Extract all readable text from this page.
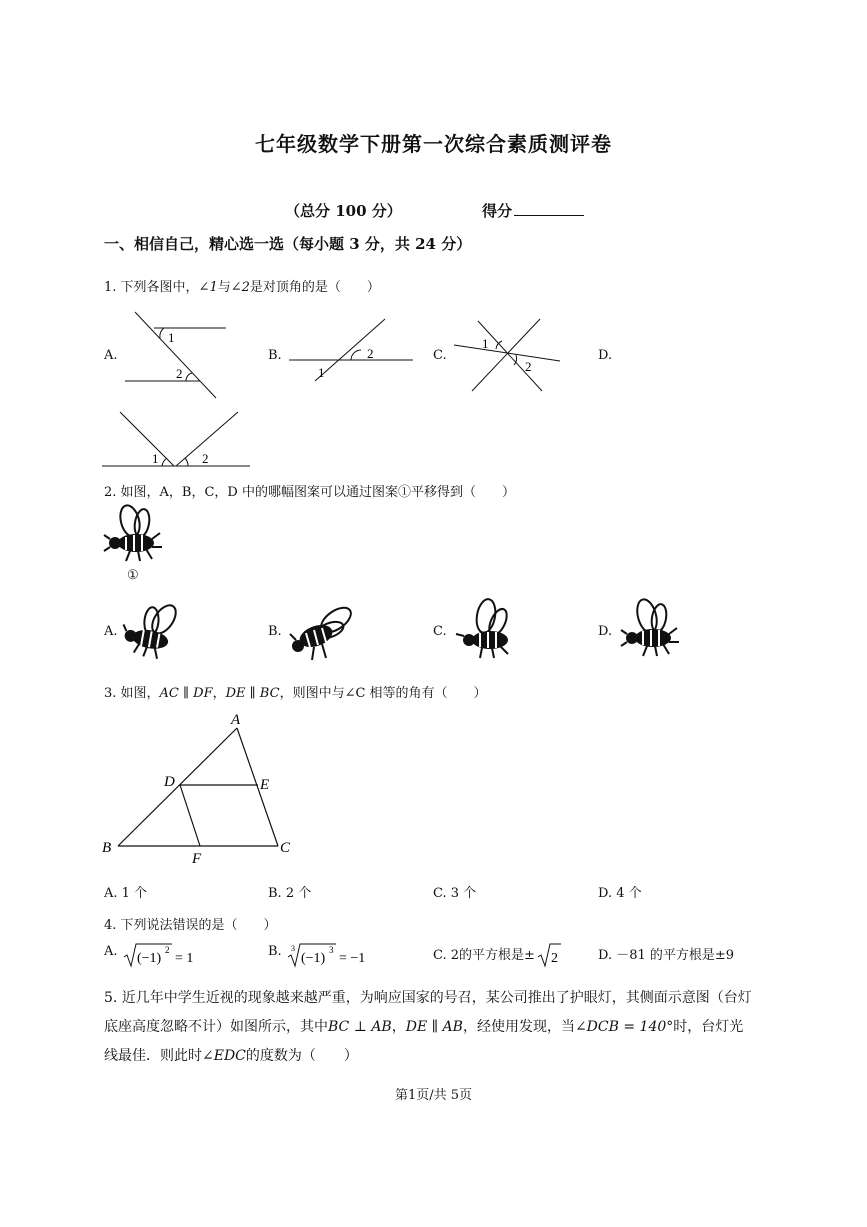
七年级数学下册第一次综合素质测评卷
（总分 100 分）	得分
一、相信自己，精心选一选（每小题 3 分，共 24 分）
1. 下列各图中，∠1与∠2是对顶角的是（　　）
A.	B.	C.	D.
1
2
2
1
1
2
1	2
2. 如图，A，B，C，D 中的哪幅图案可以通过图案①平移得到（　　）
①
A.	B.	C.	D.
3. 如图，AC ∥ DF，DE ∥ BC，则图中与∠C 相等的角有（　　）
A
B	C
D	E
F
A. 1 个	B. 2 个	C. 3 个	D. 4 个
4. 下列说法错误的是（　　）
A. (−1)
2
= 1	B. 3
(−1)
3
= −1	C. 2的平方根是± 2	D. －81 的平方根是±9
5. 近几年中学生近视的现象越来越严重，为响应国家的号召，某公司推出了护眼灯，其侧面示意图（台灯
底座高度忽略不计）如图所示，其中BC ⊥ AB，DE ∥ AB，经使用发现，当∠DCB = 140°时，台灯光
线最佳．则此时∠EDC的度数为（　　）
第1页/共 5页
